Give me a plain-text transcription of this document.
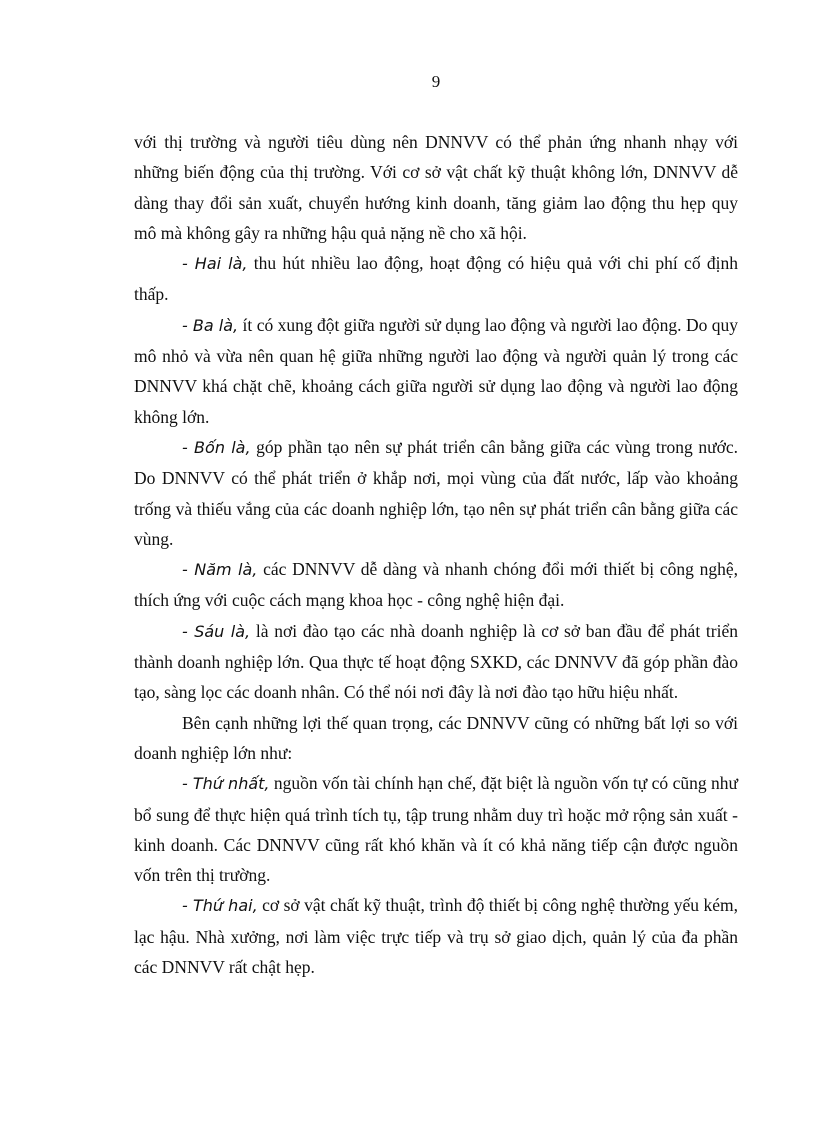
9

với thị trường và người tiêu dùng nên DNNVV có thể phản ứng nhanh nhạy với những biến động của thị trường. Với cơ sở vật chất kỹ thuật không lớn, DNNVV dễ dàng thay đổi sản xuất, chuyển hướng kinh doanh, tăng giảm lao động thu hẹp quy mô mà không gây ra những hậu quả nặng nề cho xã hội.

- Hai là, thu hút nhiều lao động, hoạt động có hiệu quả với chi phí cố định thấp.

- Ba là, ít có xung đột giữa người sử dụng lao động và người lao động. Do quy mô nhỏ và vừa nên quan hệ giữa những người lao động và người quản lý trong các DNNVV khá chặt chẽ, khoảng cách giữa người sử dụng lao động và người lao động không lớn.

- Bốn là, góp phần tạo nên sự phát triển cân bằng giữa các vùng trong nước. Do DNNVV có thể phát triển ở khắp nơi, mọi vùng của đất nước, lấp vào khoảng trống và thiếu vắng của các doanh nghiệp lớn, tạo nên sự phát triển cân bằng giữa các vùng.

- Năm là, các DNNVV dễ dàng và nhanh chóng đổi mới thiết bị công nghệ, thích ứng với cuộc cách mạng khoa học - công nghệ hiện đại.

- Sáu là, là nơi đào tạo các nhà doanh nghiệp là cơ sở ban đầu để phát triển thành doanh nghiệp lớn. Qua thực tế hoạt động SXKD, các DNNVV đã góp phần đào tạo, sàng lọc các doanh nhân. Có thể nói nơi đây là nơi đào tạo hữu hiệu nhất.

Bên cạnh những lợi thế quan trọng, các DNNVV cũng có những bất lợi so với doanh nghiệp lớn như:

- Thứ nhất, nguồn vốn tài chính hạn chế, đặt biệt là nguồn vốn tự có cũng như bổ sung để thực hiện quá trình tích tụ, tập trung nhằm duy trì hoặc mở rộng sản xuất - kinh doanh. Các DNNVV cũng rất khó khăn và ít có khả năng tiếp cận được nguồn vốn trên thị trường.

- Thứ hai, cơ sở vật chất kỹ thuật, trình độ thiết bị công nghệ thường yếu kém, lạc hậu. Nhà xưởng, nơi làm việc trực tiếp và trụ sở giao dịch, quản lý của đa phần các DNNVV rất chật hẹp.
